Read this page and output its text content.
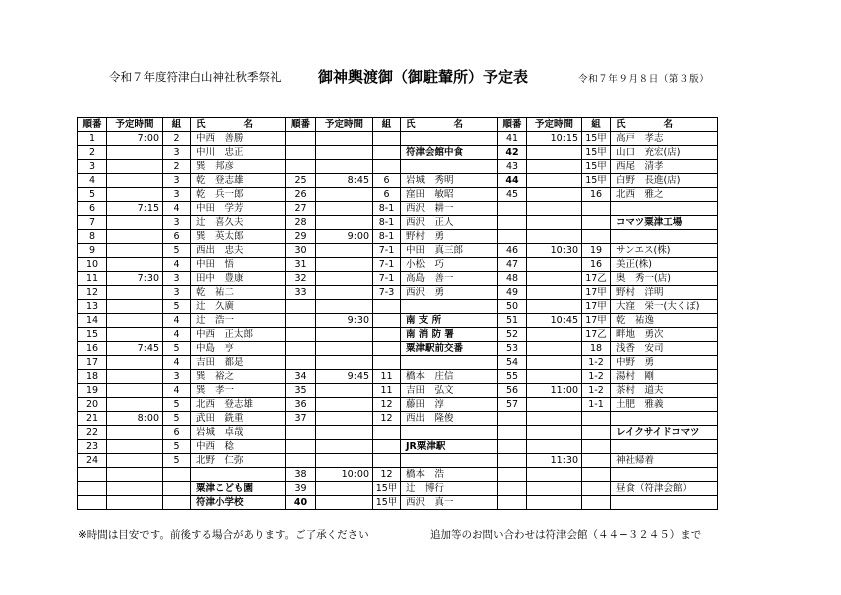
令和７年度符津白山神社秋季祭礼 御神輿渡御（御駐輦所）予定表	令和７年９月８日（第３版）
順番	予定時間	組	氏　　　　名	順番	予定時間	組	氏　　　　名	順番	予定時間	組	氏　　　　名
1	7:00	2	中西　善勝					41	10:15	15甲	高戸　孝志
2		3	中川　忠正				符津会館中食	42		15甲	山口　充宏(店)
3		2	巽　邦彦					43		15甲	西尾　清孝
4		3	乾　登志雄	25	8:45	6	岩城　秀明	44		15甲	白野　長進(店)
5		3	乾　兵一郎	26		6	窪田　敏昭	45		16	北西　雅之
6	7:15	4	中田　学芳	27		8-1	西沢　耕一				
7		3	辻　喜久夫	28		8-1	西沢　正人				コマツ粟津工場
8		6	巽　英太郎	29	9:00	8-1	野村　勇				
9		5	西出　忠夫	30		7-1	中田　真三郎	46	10:30	19	サンエス(株)
10		4	中田　悟	31		7-1	小松　巧	47		16	美正(株)
11	7:30	3	田中　豊康	32		7-1	高島　善一	48		17乙	奥　秀一(店)
12		3	乾　祐二	33		7-3	西沢　勇	49		17甲	野村　洋明
13		5	辻　久廣					50		17甲	大窪　栄一(大くぼ)
14		4	辻　浩一		9:30		南 支 所	51	10:45	17甲	乾　祐逸
15		4	中西　正太郎				南 消 防 署	52		17乙	畔地　勇次
16	7:45	5	中島　亨				粟津駅前交番	53		18	浅香　安司
17		4	吉田　都是					54		1-2	中野　勇
18		3	巽　裕之	34	9:45	11	橋本　庄信	55		1-2	湯村　剛
19		4	巽　孝一	35		11	吉田　弘文	56	11:00	1-2	茶村　道夫
20		5	北西　登志雄	36		12	藤田　淳	57		1-1	土肥　雅義
21	8:00	5	武田　銑重	37		12	西出　隆俊				
22		6	岩城　卓哉								レイクサイドコマツ
23		5	中西　稔				JR粟津駅				
24		5	北野　仁弥						11:30		神社帰着
				38	10:00	12	橋本　浩				
			粟津こども園	39		15甲	辻　博行				昼食（符津会館）
			符津小学校	40		15甲	西沢　真一				
※時間は目安です。前後する場合があります。ご了承ください	追加等のお問い合わせは符津会館（４４−３２４５）まで
